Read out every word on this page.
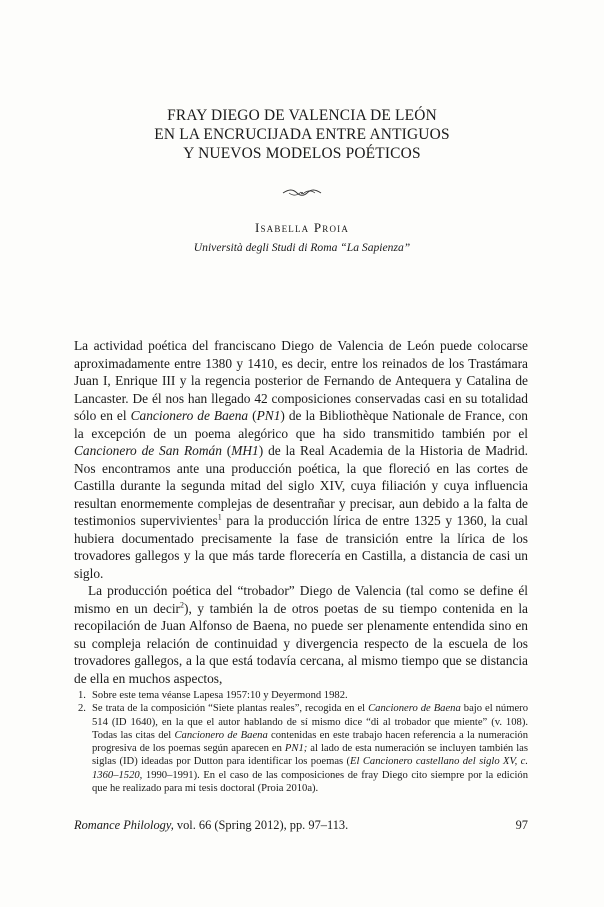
FRAY DIEGO DE VALENCIA DE LEÓN
EN LA ENCRUCIJADA ENTRE ANTIGUOS
Y NUEVOS MODELOS POÉTICOS
Isabella Proia
Università degli Studi di Roma “La Sapienza”

La actividad poética del franciscano Diego de Valencia de León puede colocarse aproximadamente entre 1380 y 1410, es decir, entre los reinados de los Trastámara Juan I, Enrique III y la regencia posterior de Fernando de Antequera y Catalina de Lancaster. De él nos han llegado 42 composiciones conservadas casi en su totalidad sólo en el Cancionero de Baena (PN1) de la Bibliothèque Nationale de France, con la excepción de un poema alegórico que ha sido transmitido también por el Cancionero de San Román (MH1) de la Real Academia de la Historia de Madrid. Nos encontramos ante una producción poética, la que floreció en las cortes de Castilla durante la segunda mitad del siglo XIV, cuya filiación y cuya influencia resultan enormemente complejas de desentrañar y precisar, aun debido a la falta de testimonios supervivientes$^1$ para la producción lírica de entre 1325 y 1360, la cual hubiera documentado precisamente la fase de transición entre la lírica de los trovadores gallegos y la que más tarde florecería en Castilla, a distancia de casi un siglo.

La producción poética del “trobador” Diego de Valencia (tal como se define él mismo en un decir$^2$), y también la de otros poetas de su tiempo contenida en la recopilación de Juan Alfonso de Baena, no puede ser plenamente entendida sino en su compleja relación de continuidad y divergencia respecto de la escuela de los trovadores gallegos, a la que está todavía cercana, al mismo tiempo que se distancia de ella en muchos aspectos,

1. Sobre este tema véanse Lapesa 1957:10 y Deyermond 1982.
2. Se trata de la composición “Siete plantas reales”, recogida en el Cancionero de Baena bajo el número 514 (ID 1640), en la que el autor hablando de sí mismo dice “di al trobador que miente” (v. 108). Todas las citas del Cancionero de Baena contenidas en este trabajo hacen referencia a la numeración progresiva de los poemas según aparecen en PN1; al lado de esta numeración se incluyen también las siglas (ID) ideadas por Dutton para identificar los poemas (El Cancionero castellano del siglo XV, c. 1360–1520, 1990–1991). En el caso de las composiciones de fray Diego cito siempre por la edición que he realizado para mi tesis doctoral (Proia 2010a).
Romance Philology, vol. 66 (Spring 2012), pp. 97–113.	97
